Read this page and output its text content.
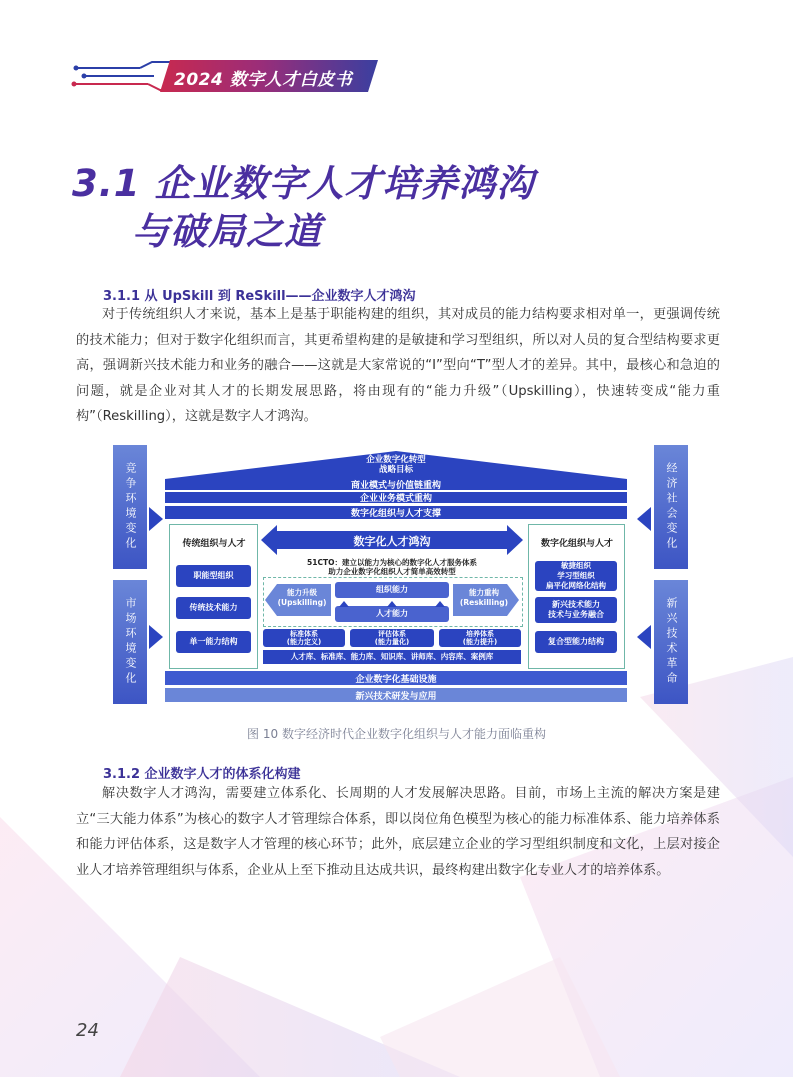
2024 数字人才白皮书
3.1 企业数字人才培养鸿沟
与破局之道
3.1.1 从 UpSkill 到 ReSkill——企业数字人才鸿沟
对于传统组织人才来说，基本上是基于职能构建的组织，其对成员的能力结构要求相对单一，更强调传统的技术能力；但对于数字化组织而言，其更希望构建的是敏捷和学习型组织，所以对人员的复合型结构要求更高，强调新兴技术能力和业务的融合——这就是大家常说的“I”型向“T”型人才的差异。其中，最核心和急迫的问题，就是企业对其人才的长期发展思路，将由现有的“能力升级”（Upskilling），快速转变成“能力重构”（Reskilling），这就是数字人才鸿沟。
竞争环境变化
市场环境变化
经济社会变化
新兴技术革命
企业数字化转型
战略目标
商业模式与价值链重构
企业业务模式重构
数字化组织与人才支撑
传统组织与人才
职能型组织
传统技术能力
单一能力结构
数字化组织与人才
敏捷组织
学习型组织
扁平化网络化结构
新兴技术能力
技术与业务融合
复合型能力结构
数字化人才鸿沟
51CTO：建立以能力为核心的数字化人才服务体系
助力企业数字化组织人才简单高效转型
能力升级
(Upskilling)
能力重构
(Reskilling)
组织能力
人才能力
标准体系
(能力定义)
评估体系
(能力量化)
培养体系
(能力提升)
人才库、标准库、能力库、知识库、讲师库、内容库、案例库
企业数字化基础设施
新兴技术研发与应用
图 10 数字经济时代企业数字化组织与人才能力面临重构
3.1.2 企业数字人才的体系化构建
解决数字人才鸿沟，需要建立体系化、长周期的人才发展解决思路。目前，市场上主流的解决方案是建立“三大能力体系”为核心的数字人才管理综合体系，即以岗位角色模型为核心的能力标准体系、能力培养体系和能力评估体系，这是数字人才管理的核心环节；此外，底层建立企业的学习型组织制度和文化，上层对接企业人才培养管理组织与体系，企业从上至下推动且达成共识，最终构建出数字化专业人才的培养体系。
24
